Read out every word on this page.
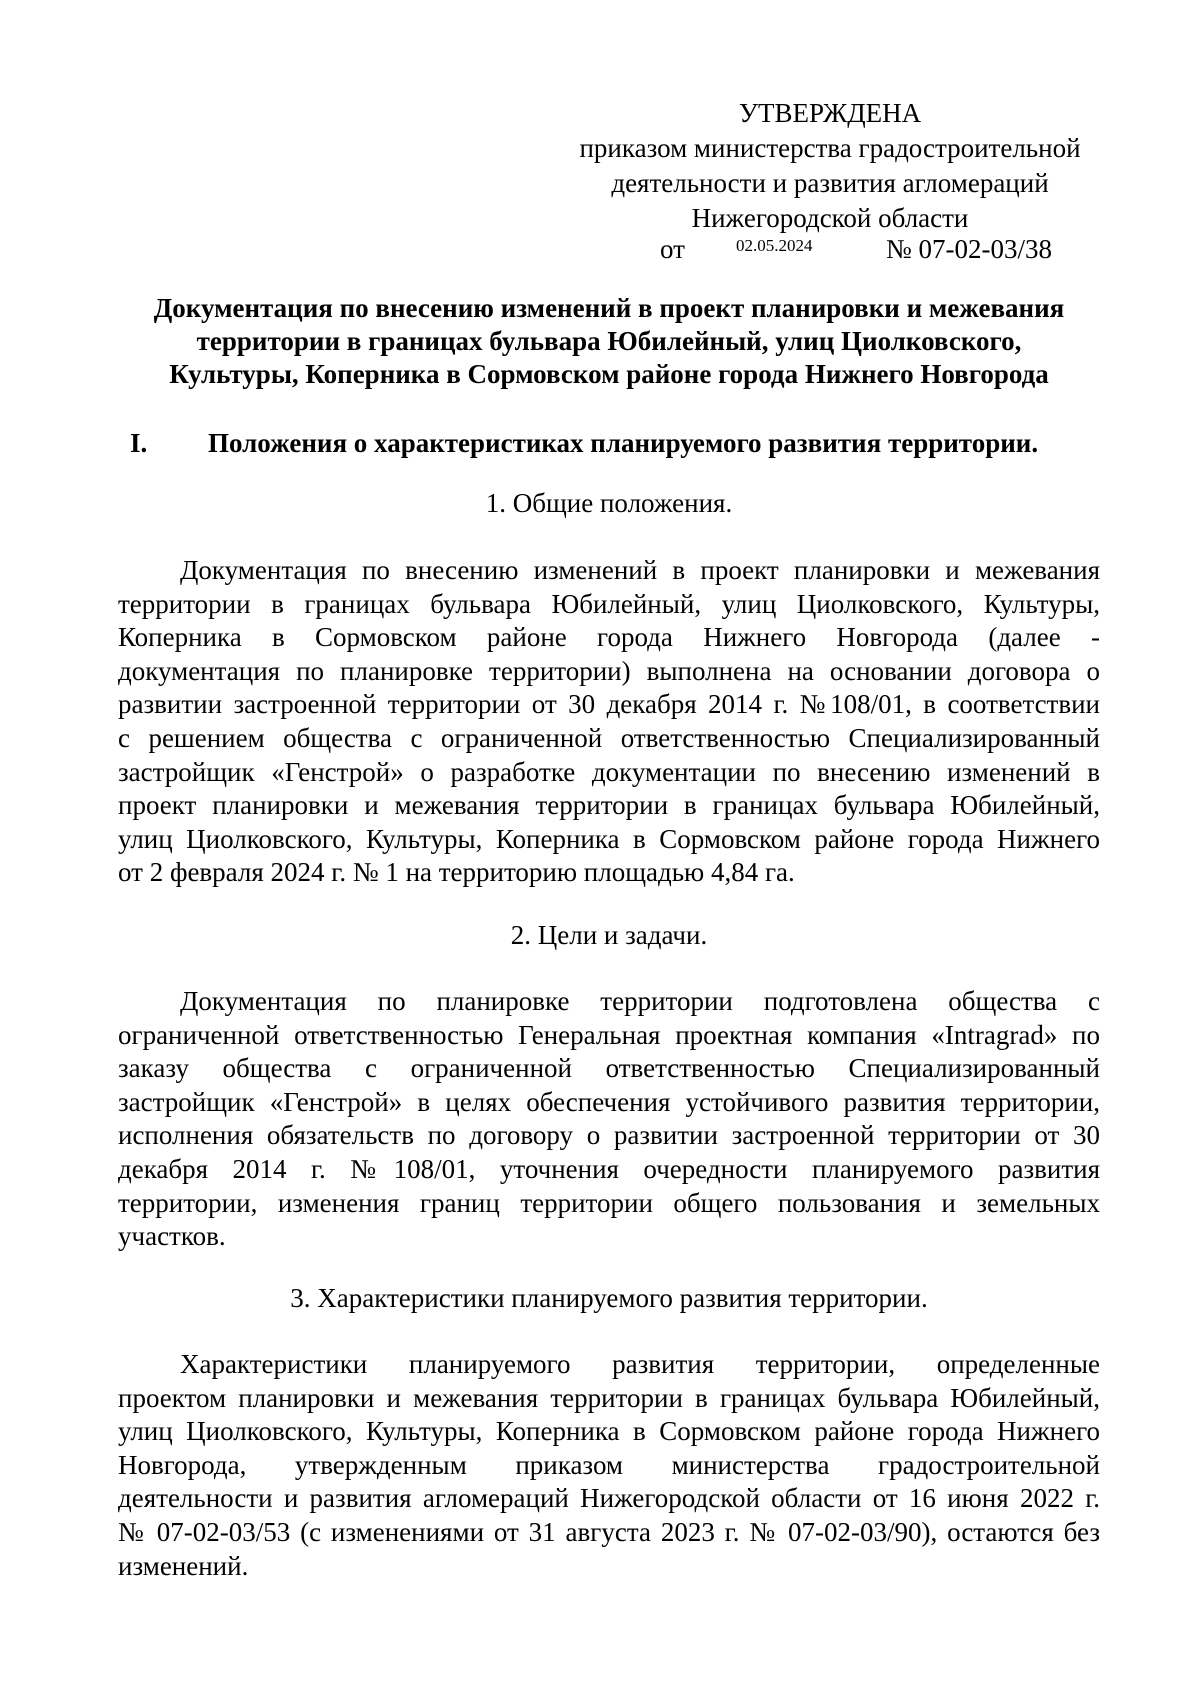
УТВЕРЖДЕНА
приказом министерства градостроительной
деятельности и развития агломераций
Нижегородской области
от	02.05.2024	№ 07-02-03/38
Документация по внесению изменений в проект планировки и межевания
территории в границах бульвара Юбилейный, улиц Циолковского,
Культуры, Коперника в Сормовском районе города Нижнего Новгорода
I. Положения о характеристиках планируемого развития территории.
1. Общие положения.
Документация по внесению изменений в проект планировки и межевания
территории в границах бульвара Юбилейный, улиц Циолковского, Культуры,
Коперника в Сормовском районе города Нижнего Новгорода (далее -
документация по планировке территории) выполнена на основании договора о
развитии застроенной территории от 30 декабря 2014 г. №108/01, в соответствии
с решением общества с ограниченной ответственностью Специализированный
застройщик «Генстрой» о разработке документации по внесению изменений в
проект планировки и межевания территории в границах бульвара Юбилейный,
улиц Циолковского, Культуры, Коперника в Сормовском районе города Нижнего
от 2 февраля 2024 г. № 1 на территорию площадью 4,84 га.
2. Цели и задачи.
Документация по планировке территории подготовлена общества с
ограниченной ответственностью Генеральная проектная компания «Intragrad» по
заказу общества с ограниченной ответственностью Специализированный
застройщик «Генстрой» в целях обеспечения устойчивого развития территории,
исполнения обязательств по договору о развитии застроенной территории от 30
декабря 2014 г. №108/01, уточнения очередности планируемого развития
территории, изменения границ территории общего пользования и земельных
участков.
3. Характеристики планируемого развития территории.
Характеристики планируемого развития территории, определенные
проектом планировки и межевания территории в границах бульвара Юбилейный,
улиц Циолковского, Культуры, Коперника в Сормовском районе города Нижнего
Новгорода, утвержденным приказом министерства градостроительной
деятельности и развития агломераций Нижегородской области от 16 июня 2022 г.
№ 07-02-03/53 (с изменениями от 31 августа 2023 г. № 07-02-03/90), остаются без
изменений.
